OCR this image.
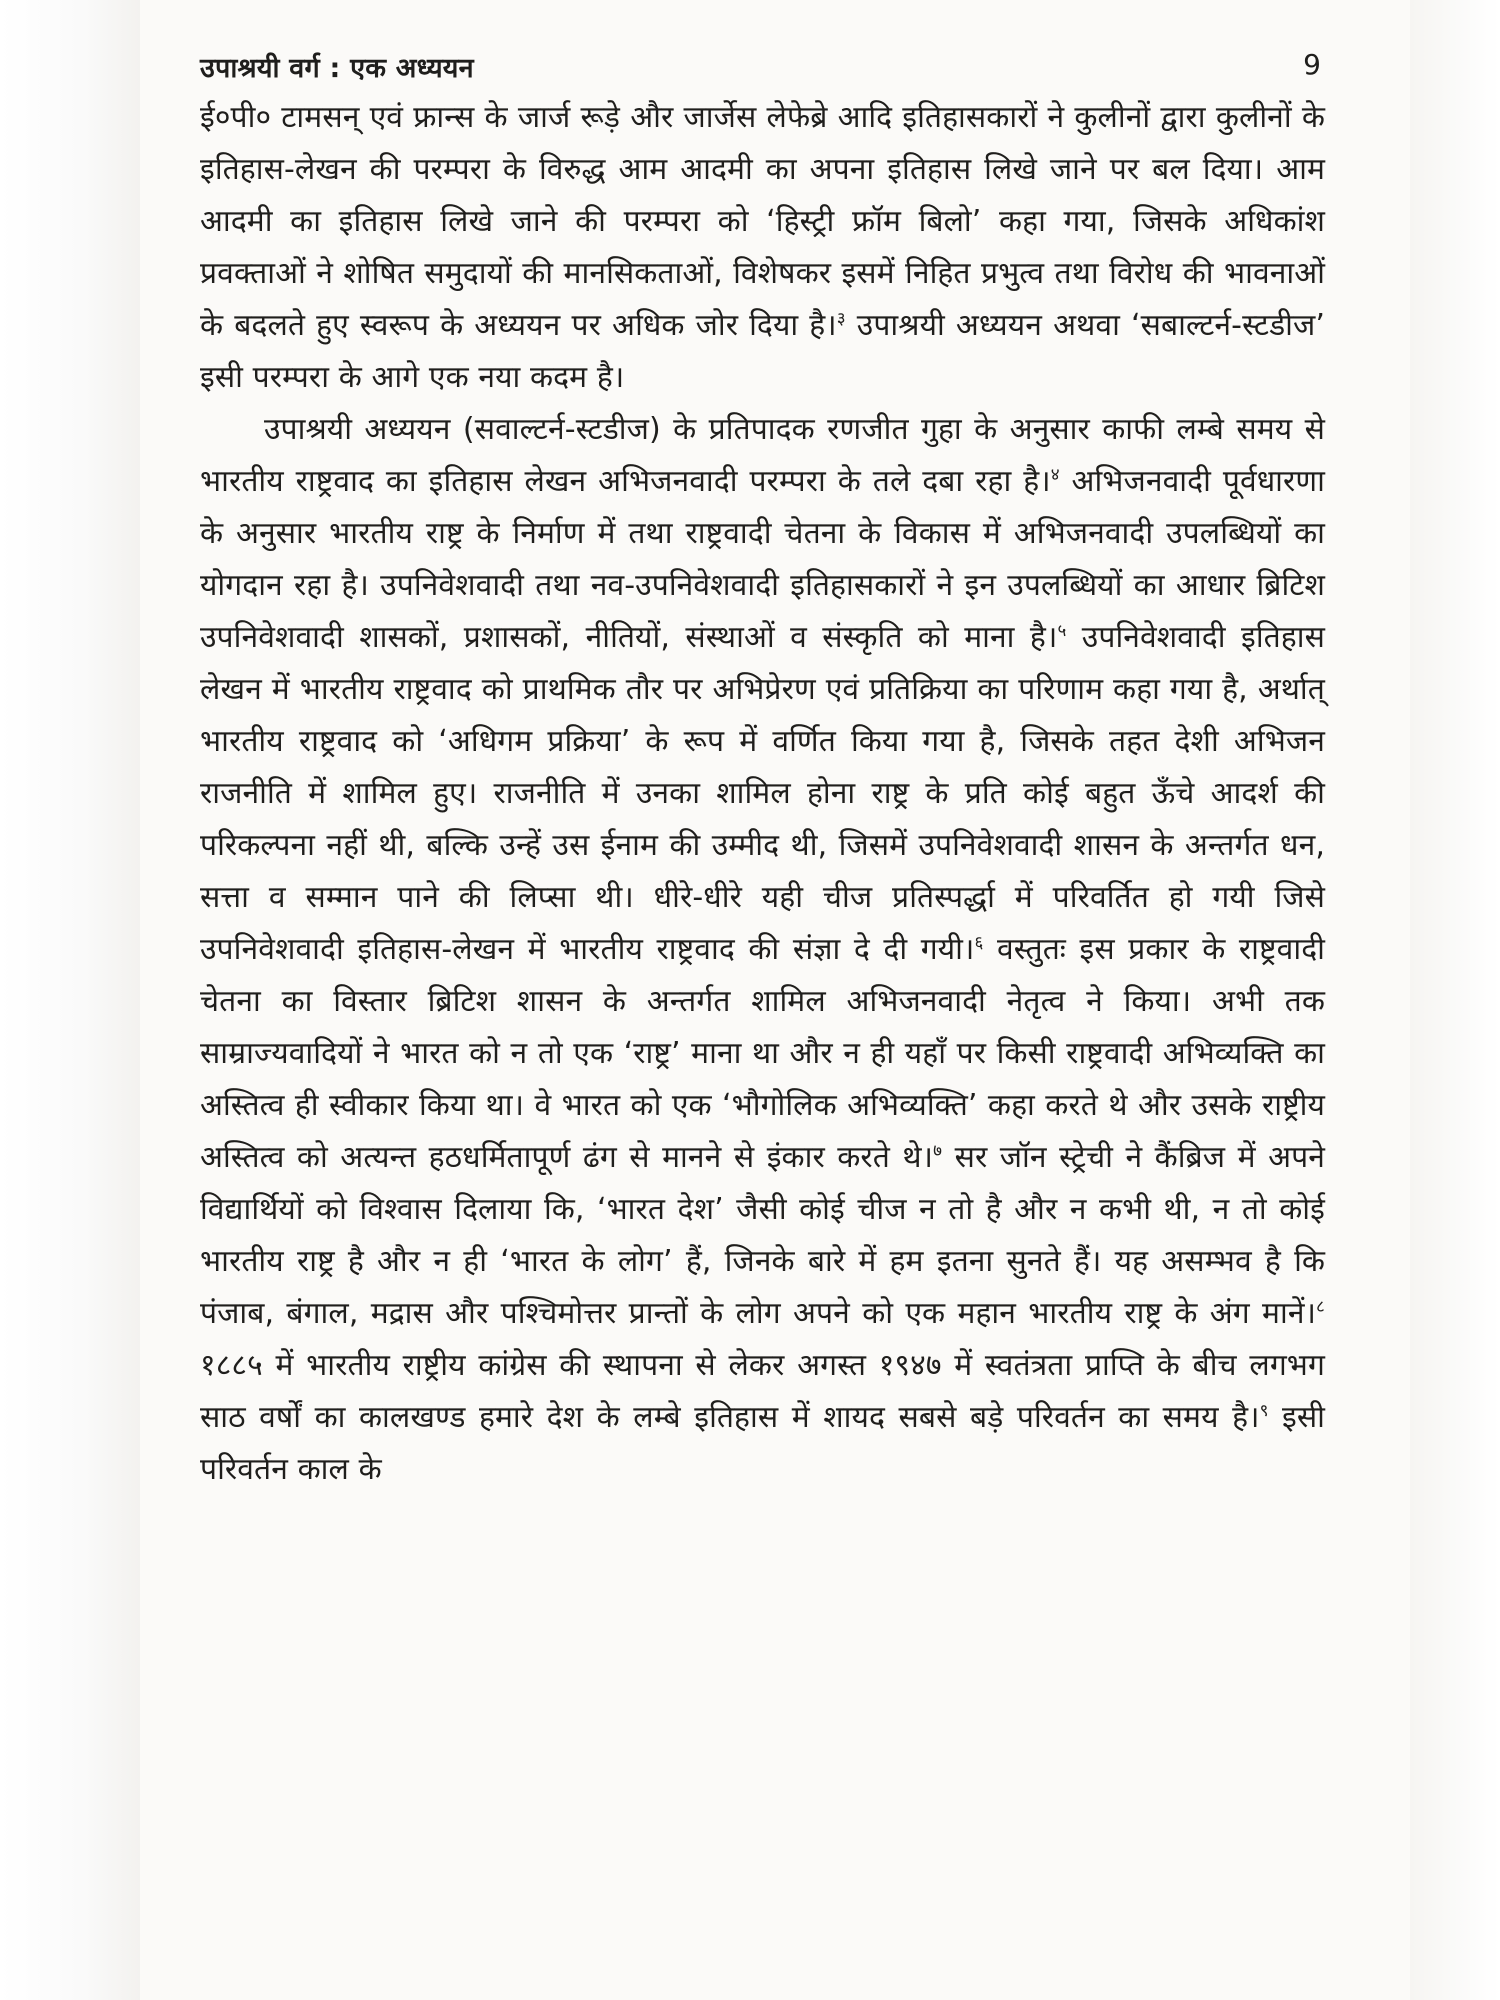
उपाश्रयी वर्ग : एक अध्ययन	9

ई०पी० टामसन् एवं फ्रान्स के जार्ज रूड़े और जार्जेस लेफेब्रे आदि इतिहासकारों ने कुलीनों द्वारा कुलीनों के इतिहास-लेखन की परम्परा के विरुद्ध आम आदमी का अपना इतिहास लिखे जाने पर बल दिया। आम आदमी का इतिहास लिखे जाने की परम्परा को ‘हिस्ट्री फ्रॉम बिलो’ कहा गया, जिसके अधिकांश प्रवक्ताओं ने शोषित समुदायों की मानसिकताओं, विशेषकर इसमें निहित प्रभुत्व तथा विरोध की भावनाओं के बदलते हुए स्वरूप के अध्ययन पर अधिक जोर दिया है।$^३$ उपाश्रयी अध्ययन अथवा ‘सबाल्टर्न-स्टडीज’ इसी परम्परा के आगे एक नया कदम है।

उपाश्रयी अध्ययन (सवाल्टर्न-स्टडीज) के प्रतिपादक रणजीत गुहा के अनुसार काफी लम्बे समय से भारतीय राष्ट्रवाद का इतिहास लेखन अभिजनवादी परम्परा के तले दबा रहा है।$^४$ अभिजनवादी पूर्वधारणा के अनुसार भारतीय राष्ट्र के निर्माण में तथा राष्ट्रवादी चेतना के विकास में अभिजनवादी उपलब्धियों का योगदान रहा है। उपनिवेशवादी तथा नव-उपनिवेशवादी इतिहासकारों ने इन उपलब्धियों का आधार ब्रिटिश उपनिवेशवादी शासकों, प्रशासकों, नीतियों, संस्थाओं व संस्कृति को माना है।$^५$ उपनिवेशवादी इतिहास लेखन में भारतीय राष्ट्रवाद को प्राथमिक तौर पर अभिप्रेरण एवं प्रतिक्रिया का परिणाम कहा गया है, अर्थात् भारतीय राष्ट्रवाद को ‘अधिगम प्रक्रिया’ के रूप में वर्णित किया गया है, जिसके तहत देशी अभिजन राजनीति में शामिल हुए। राजनीति में उनका शामिल होना राष्ट्र के प्रति कोई बहुत ऊँचे आदर्श की परिकल्पना नहीं थी, बल्कि उन्हें उस ईनाम की उम्मीद थी, जिसमें उपनिवेशवादी शासन के अन्तर्गत धन, सत्ता व सम्मान पाने की लिप्सा थी। धीरे-धीरे यही चीज प्रतिस्पर्द्धा में परिवर्तित हो गयी जिसे उपनिवेशवादी इतिहास-लेखन में भारतीय राष्ट्रवाद की संज्ञा दे दी गयी।$^६$ वस्तुतः इस प्रकार के राष्ट्रवादी चेतना का विस्तार ब्रिटिश शासन के अन्तर्गत शामिल अभिजनवादी नेतृत्व ने किया। अभी तक साम्राज्यवादियों ने भारत को न तो एक ‘राष्ट्र’ माना था और न ही यहाँ पर किसी राष्ट्रवादी अभिव्यक्ति का अस्तित्व ही स्वीकार किया था। वे भारत को एक ‘भौगोलिक अभिव्यक्ति’ कहा करते थे और उसके राष्ट्रीय अस्तित्व को अत्यन्त हठधर्मितापूर्ण ढंग से मानने से इंकार करते थे।$^७$ सर जॉन स्ट्रेची ने कैंब्रिज में अपने विद्यार्थियों को विश्वास दिलाया कि, ‘भारत देश’ जैसी कोई चीज न तो है और न कभी थी, न तो कोई भारतीय राष्ट्र है और न ही ‘भारत के लोग’ हैं, जिनके बारे में हम इतना सुनते हैं। यह असम्भव है कि पंजाब, बंगाल, मद्रास और पश्चिमोत्तर प्रान्तों के लोग अपने को एक महान भारतीय राष्ट्र के अंग मानें।$^८$ १८८५ में भारतीय राष्ट्रीय कांग्रेस की स्थापना से लेकर अगस्त १९४७ में स्वतंत्रता प्राप्ति के बीच लगभग साठ वर्षों का कालखण्ड हमारे देश के लम्बे इतिहास में शायद सबसे बड़े परिवर्तन का समय है।$^९$ इसी परिवर्तन काल के
